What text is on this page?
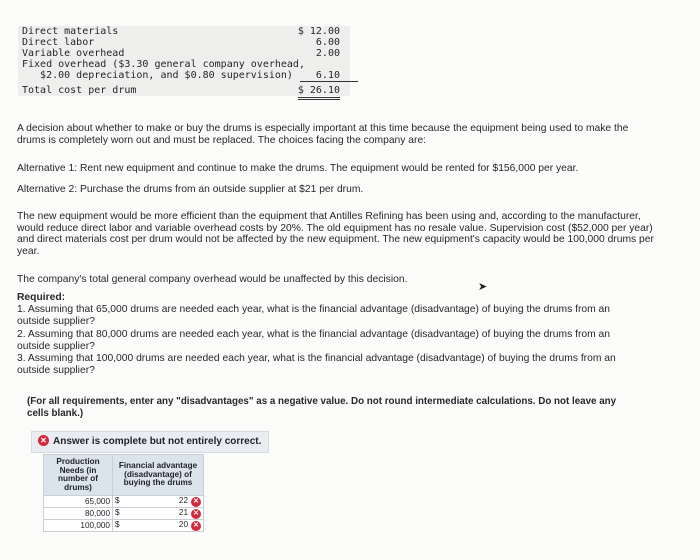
Direct materials	$ 12.00
Direct labor	6.00
Variable overhead	2.00
Fixed overhead ($3.30 general company overhead,
$2.00 depreciation, and $0.80 supervision)	6.10
Total cost per drum	$ 26.10
A decision about whether to make or buy the drums is especially important at this time because the equipment being used to make the drums is completely worn out and must be replaced. The choices facing the company are:
Alternative 1: Rent new equipment and continue to make the drums. The equipment would be rented for $156,000 per year.
Alternative 2: Purchase the drums from an outside supplier at $21 per drum.
The new equipment would be more efficient than the equipment that Antilles Refining has been using and, according to the manufacturer, would reduce direct labor and variable overhead costs by 20%. The old equipment has no resale value. Supervision cost ($52,000 per year) and direct materials cost per drum would not be affected by the new equipment. The new equipment's capacity would be 100,000 drums per year.
The company's total general company overhead would be unaffected by this decision.
Required:
1. Assuming that 65,000 drums are needed each year, what is the financial advantage (disadvantage) of buying the drums from an outside supplier?
2. Assuming that 80,000 drums are needed each year, what is the financial advantage (disadvantage) of buying the drums from an outside supplier?
3. Assuming that 100,000 drums are needed each year, what is the financial advantage (disadvantage) of buying the drums from an outside supplier?
(For all requirements, enter any "disadvantages" as a negative value. Do not round intermediate calculations. Do not leave any cells blank.)
✕ Answer is complete but not entirely correct.
Production Needs (in number of drums)	Financial advantage (disadvantage) of buying the drums
65,000	$ 22 ✕

80,000	$ 21 ✕

100,000	$ 20 ✕
➤
